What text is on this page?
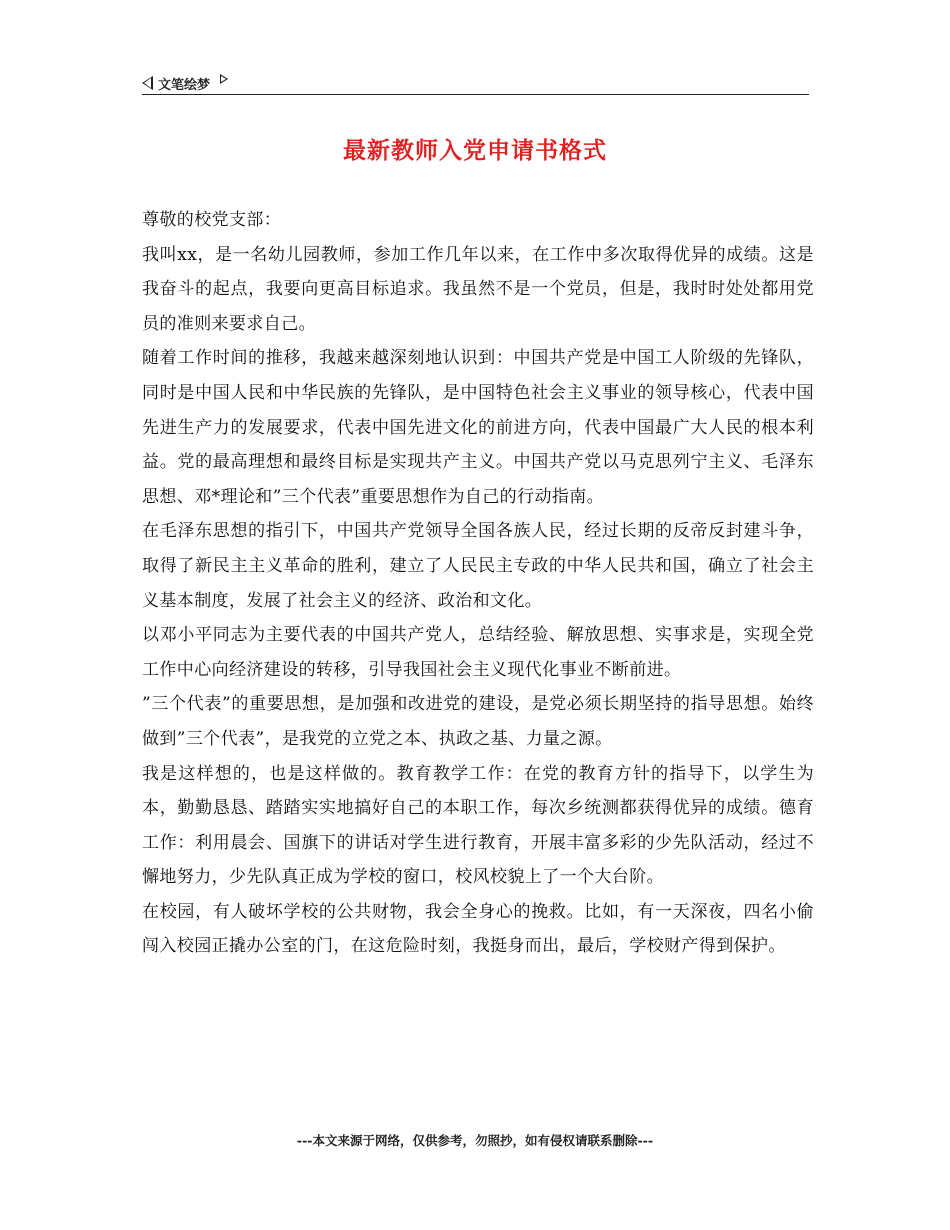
文笔绘梦
最新教师入党申请书格式

尊敬的校党支部：

我叫xx，是一名幼儿园教师，参加工作几年以来，在工作中多次取得优异的成绩。这是我奋斗的起点，我要向更高目标追求。我虽然不是一个党员，但是，我时时处处都用党员的准则来要求自己。

随着工作时间的推移，我越来越深刻地认识到：中国共产党是中国工人阶级的先锋队，同时是中国人民和中华民族的先锋队，是中国特色社会主义事业的领导核心，代表中国先进生产力的发展要求，代表中国先进文化的前进方向，代表中国最广大人民的根本利益。党的最高理想和最终目标是实现共产主义。中国共产党以马克思列宁主义、毛泽东思想、邓*理论和”三个代表”重要思想作为自己的行动指南。

在毛泽东思想的指引下，中国共产党领导全国各族人民，经过长期的反帝反封建斗争，取得了新民主主义革命的胜利，建立了人民民主专政的中华人民共和国，确立了社会主义基本制度，发展了社会主义的经济、政治和文化。

以邓小平同志为主要代表的中国共产党人，总结经验、解放思想、实事求是，实现全党工作中心向经济建设的转移，引导我国社会主义现代化事业不断前进。

”三个代表”的重要思想，是加强和改进党的建设，是党必须长期坚持的指导思想。始终做到”三个代表”，是我党的立党之本、执政之基、力量之源。

我是这样想的，也是这样做的。教育教学工作：在党的教育方针的指导下，以学生为本，勤勤恳恳、踏踏实实地搞好自己的本职工作，每次乡统测都获得优异的成绩。德育工作：利用晨会、国旗下的讲话对学生进行教育，开展丰富多彩的少先队活动，经过不懈地努力，少先队真正成为学校的窗口，校风校貌上了一个大台阶。

在校园，有人破坏学校的公共财物，我会全身心的挽救。比如，有一天深夜，四名小偷闯入校园正撬办公室的门，在这危险时刻，我挺身而出，最后，学校财产得到保护。

---本文来源于网络，仅供参考，勿照抄，如有侵权请联系删除---
